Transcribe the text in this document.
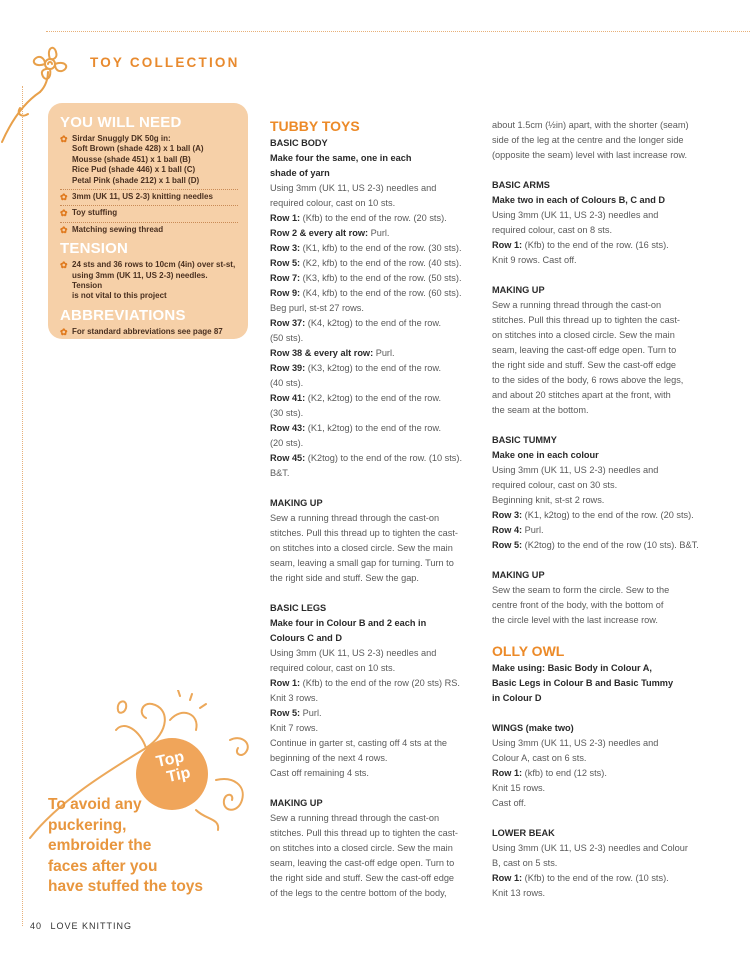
TOY COLLECTION
YOU WILL NEED
✿ Sirdar Snuggly DK 50g in:
Soft Brown (shade 428) x 1 ball (A)
Mousse (shade 451) x 1 ball (B)
Rice Pud (shade 446) x 1 ball (C)
Petal Pink (shade 212) x 1 ball (D)
✿ 3mm (UK 11, US 2-3) knitting needles
✿ Toy stuffing
✿ Matching sewing thread
TENSION
✿ 24 sts and 36 rows to 10cm (4in) over st-st,
using 3mm (UK 11, US 2-3) needles. Tension
is not vital to this project
ABBREVIATIONS
✿ For standard abbreviations see page 87
Top
Tip
To avoid any
puckering,
embroider the
faces after you
have stuffed the toys
TUBBY TOYS
BASIC BODY
Make four the same, one in each
shade of yarn
Using 3mm (UK 11, US 2-3) needles and
required colour, cast on 10 sts.
Row 1: (Kfb) to the end of the row. (20 sts).
Row 2 & every alt row: Purl.
Row 3: (K1, kfb) to the end of the row. (30 sts).
Row 5: (K2, kfb) to the end of the row. (40 sts).
Row 7: (K3, kfb) to the end of the row. (50 sts).
Row 9: (K4, kfb) to the end of the row. (60 sts).
Beg purl, st-st 27 rows.
Row 37: (K4, k2tog) to the end of the row.
(50 sts).
Row 38 & every alt row: Purl.
Row 39: (K3, k2tog) to the end of the row.
(40 sts).
Row 41: (K2, k2tog) to the end of the row.
(30 sts).
Row 43: (K1, k2tog) to the end of the row.
(20 sts).
Row 45: (K2tog) to the end of the row. (10 sts).
B&T.
MAKING UP
Sew a running thread through the cast-on
stitches. Pull this thread up to tighten the cast-
on stitches into a closed circle. Sew the main
seam, leaving a small gap for turning. Turn to
the right side and stuff. Sew the gap.
BASIC LEGS
Make four in Colour B and 2 each in
Colours C and D
Using 3mm (UK 11, US 2-3) needles and
required colour, cast on 10 sts.
Row 1: (Kfb) to the end of the row (20 sts) RS.
Knit 3 rows.
Row 5: Purl.
Knit 7 rows.
Continue in garter st, casting off 4 sts at the
beginning of the next 4 rows.
Cast off remaining 4 sts.
MAKING UP
Sew a running thread through the cast-on
stitches. Pull this thread up to tighten the cast-
on stitches into a closed circle. Sew the main
seam, leaving the cast-off edge open. Turn to
the right side and stuff. Sew the cast-off edge
of the legs to the centre bottom of the body,
about 1.5cm (½in) apart, with the shorter (seam)
side of the leg at the centre and the longer side
(opposite the seam) level with last increase row.
BASIC ARMS
Make two in each of Colours B, C and D
Using 3mm (UK 11, US 2-3) needles and
required colour, cast on 8 sts.
Row 1: (Kfb) to the end of the row. (16 sts).
Knit 9 rows. Cast off.
MAKING UP
Sew a running thread through the cast-on
stitches. Pull this thread up to tighten the cast-
on stitches into a closed circle. Sew the main
seam, leaving the cast-off edge open. Turn to
the right side and stuff. Sew the cast-off edge
to the sides of the body, 6 rows above the legs,
and about 20 stitches apart at the front, with
the seam at the bottom.
BASIC TUMMY
Make one in each colour
Using 3mm (UK 11, US 2-3) needles and
required colour, cast on 30 sts.
Beginning knit, st-st 2 rows.
Row 3: (K1, k2tog) to the end of the row. (20 sts).
Row 4: Purl.
Row 5: (K2tog) to the end of the row (10 sts). B&T.
MAKING UP
Sew the seam to form the circle. Sew to the
centre front of the body, with the bottom of
the circle level with the last increase row.
OLLY OWL
Make using: Basic Body in Colour A,
Basic Legs in Colour B and Basic Tummy
in Colour D
WINGS (make two)
Using 3mm (UK 11, US 2-3) needles and
Colour A, cast on 6 sts.
Row 1: (kfb) to end (12 sts).
Knit 15 rows.
Cast off.
LOWER BEAK
Using 3mm (UK 11, US 2-3) needles and Colour
B, cast on 5 sts.
Row 1: (Kfb) to the end of the row. (10 sts).
Knit 13 rows.
40 LOVE KNITTING
